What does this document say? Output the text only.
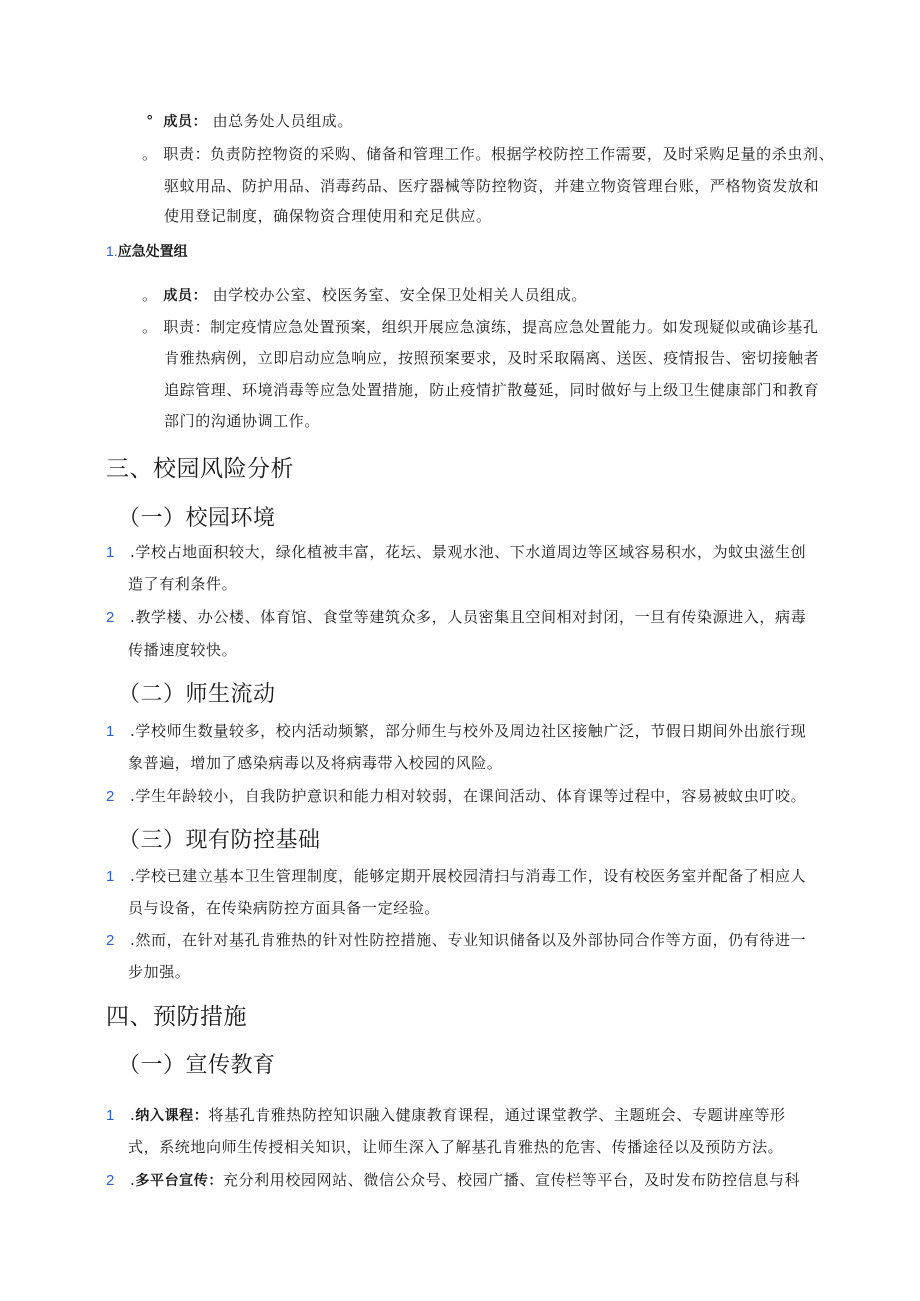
° 成员： 由总务处人员组成。
。 职责：负责防控物资的采购、储备和管理工作。根据学校防控工作需要，及时采购足量的杀虫剂、
驱蚊用品、防护用品、消毒药品、医疗器械等防控物资，并建立物资管理台账，严格物资发放和
使用登记制度，确保物资合理使用和充足供应。
1.应急处置组
。 成员： 由学校办公室、校医务室、安全保卫处相关人员组成。
。 职责：制定疫情应急处置预案，组织开展应急演练，提高应急处置能力。如发现疑似或确诊基孔
肯雅热病例，立即启动应急响应，按照预案要求，及时采取隔离、送医、疫情报告、密切接触者
追踪管理、环境消毒等应急处置措施，防止疫情扩散蔓延，同时做好与上级卫生健康部门和教育
部门的沟通协调工作。
三、校园风险分析
（一）校园环境
1 .学校占地面积较大，绿化植被丰富，花坛、景观水池、下水道周边等区域容易积水，为蚊虫滋生创
造了有利条件。
2 .教学楼、办公楼、体育馆、食堂等建筑众多，人员密集且空间相对封闭，一旦有传染源进入，病毒
传播速度较快。
（二）师生流动
1 .学校师生数量较多，校内活动频繁，部分师生与校外及周边社区接触广泛，节假日期间外出旅行现
象普遍，增加了感染病毒以及将病毒带入校园的风险。
2 .学生年龄较小，自我防护意识和能力相对较弱，在课间活动、体育课等过程中，容易被蚊虫叮咬。
（三）现有防控基础
1 .学校已建立基本卫生管理制度，能够定期开展校园清扫与消毒工作，设有校医务室并配备了相应人
员与设备，在传染病防控方面具备一定经验。
2 .然而，在针对基孔肯雅热的针对性防控措施、专业知识储备以及外部协同合作等方面，仍有待进一
步加强。
四、预防措施
（一）宣传教育
1 .纳入课程：将基孔肯雅热防控知识融入健康教育课程，通过课堂教学、主题班会、专题讲座等形
式，系统地向师生传授相关知识，让师生深入了解基孔肯雅热的危害、传播途径以及预防方法。
2 .多平台宣传：充分利用校园网站、微信公众号、校园广播、宣传栏等平台，及时发布防控信息与科
